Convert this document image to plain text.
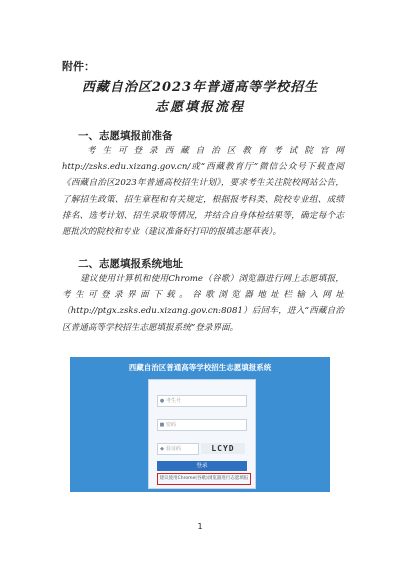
附件：
西藏自治区2023年普通高等学校招生
志愿填报流程
一、志愿填报前准备

考生可登录西藏自治区教育考试院官网http://zsks.edu.xizang.gov.cn/或“西藏教育厅”微信公众号下载查阅《西藏自治区2023年普通高校招生计划》，要求考生关注院校网站公告，了解招生政策、招生章程和有关规定，根据报考科类、院校专业组、成绩排名、选考计划、招生录取等情况，并结合自身体检结果等，确定每个志愿批次的院校和专业（建议准备好打印的报填志愿草表）。

二、志愿填报系统地址

建议使用计算机和使用Chrome（谷歌）浏览器进行网上志愿填报，考生可登录界面下载。谷歌浏览器地址栏输入网址（http://ptgx.zsks.edu.xizang.gov.cn:8081）后回车，进入“西藏自治区普通高等学校招生志愿填报系统”登录界面。

西藏自治区普通高等学校招生志愿填报系统
● 考生号
■ 密码
◆ 验证码	LCYD
登录
建议使用Chrome(谷歌)浏览器进行志愿填报
1
